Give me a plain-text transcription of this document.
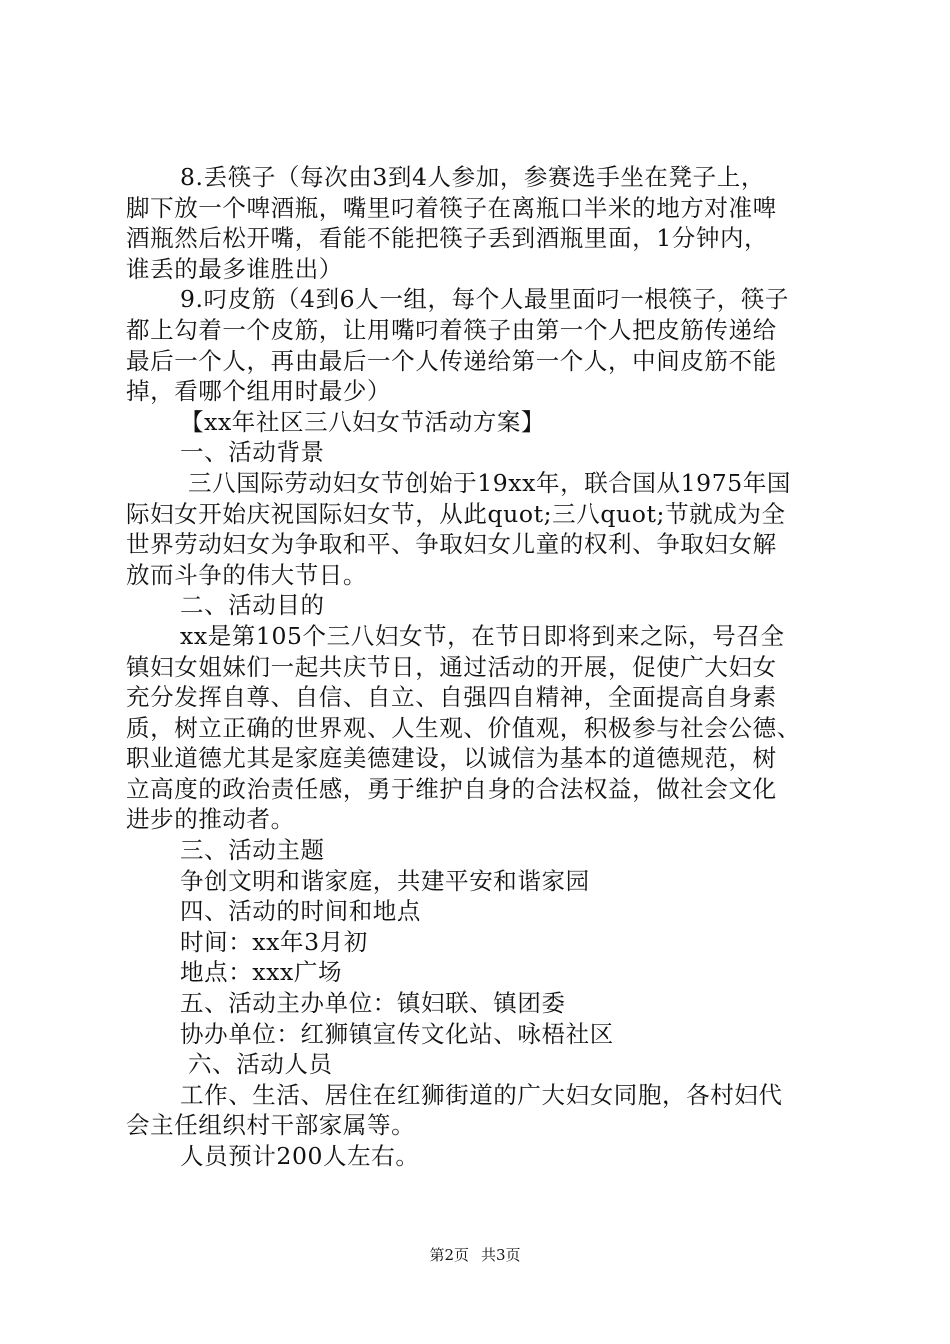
8.丢筷子（每次由3到4人参加，参赛选手坐在凳子上，
脚下放一个啤酒瓶，嘴里叼着筷子在离瓶口半米的地方对准啤
酒瓶然后松开嘴，看能不能把筷子丢到酒瓶里面，1分钟内，
谁丢的最多谁胜出）
9.叼皮筋（4到6人一组，每个人最里面叼一根筷子，筷子
都上勾着一个皮筋，让用嘴叼着筷子由第一个人把皮筋传递给
最后一个人，再由最后一个人传递给第一个人，中间皮筋不能
掉，看哪个组用时最少）
【xx年社区三八妇女节活动方案】
一、活动背景
三八国际劳动妇女节创始于19xx年，联合国从1975年国
际妇女开始庆祝国际妇女节，从此quot;三八quot;节就成为全
世界劳动妇女为争取和平、争取妇女儿童的权利、争取妇女解
放而斗争的伟大节日。
二、活动目的
xx是第105个三八妇女节，在节日即将到来之际，号召全
镇妇女姐妹们一起共庆节日，通过活动的开展，促使广大妇女
充分发挥自尊、自信、自立、自强四自精神，全面提高自身素
质，树立正确的世界观、人生观、价值观，积极参与社会公德、
职业道德尤其是家庭美德建设，以诚信为基本的道德规范，树
立高度的政治责任感，勇于维护自身的合法权益，做社会文化
进步的推动者。
三、活动主题
争创文明和谐家庭，共建平安和谐家园
四、活动的时间和地点
时间：xx年3月初
地点：xxx广场
五、活动主办单位：镇妇联、镇团委
协办单位：红狮镇宣传文化站、咏梧社区
六、活动人员
工作、生活、居住在红狮街道的广大妇女同胞，各村妇代
会主任组织村干部家属等。
人员预计200人左右。
第2页 共3页
